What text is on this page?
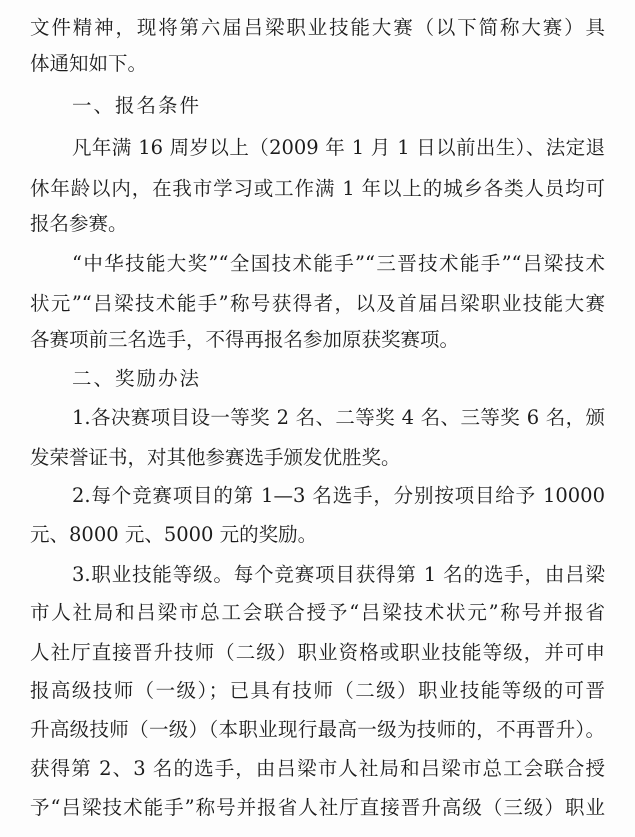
文件精神，现将第六届吕梁职业技能大赛（以下简称大赛）具
体通知如下。
一、报名条件
凡年满 16 周岁以上（2009 年 1 月 1 日以前出生）、法定退
休年龄以内，在我市学习或工作满 1 年以上的城乡各类人员均可
报名参赛。
“中华技能大奖”“全国技术能手”“三晋技术能手”“吕梁技术
状元”“吕梁技术能手”称号获得者，以及首届吕梁职业技能大赛
各赛项前三名选手，不得再报名参加原获奖赛项。
二、奖励办法
1.各决赛项目设一等奖 2 名、二等奖 4 名、三等奖 6 名，颁
发荣誉证书，对其他参赛选手颁发优胜奖。
2.每个竞赛项目的第 1—3 名选手，分别按项目给予 10000
元、8000 元、5000 元的奖励。
3.职业技能等级。每个竞赛项目获得第 1 名的选手，由吕梁
市人社局和吕梁市总工会联合授予“吕梁技术状元”称号并报省
人社厅直接晋升技师（二级）职业资格或职业技能等级，并可申
报高级技师（一级）；已具有技师（二级）职业技能等级的可晋
升高级技师（一级）（本职业现行最高一级为技师的，不再晋升）。
获得第 2、3 名的选手，由吕梁市人社局和吕梁市总工会联合授
予“吕梁技术能手”称号并报省人社厅直接晋升高级（三级）职业
